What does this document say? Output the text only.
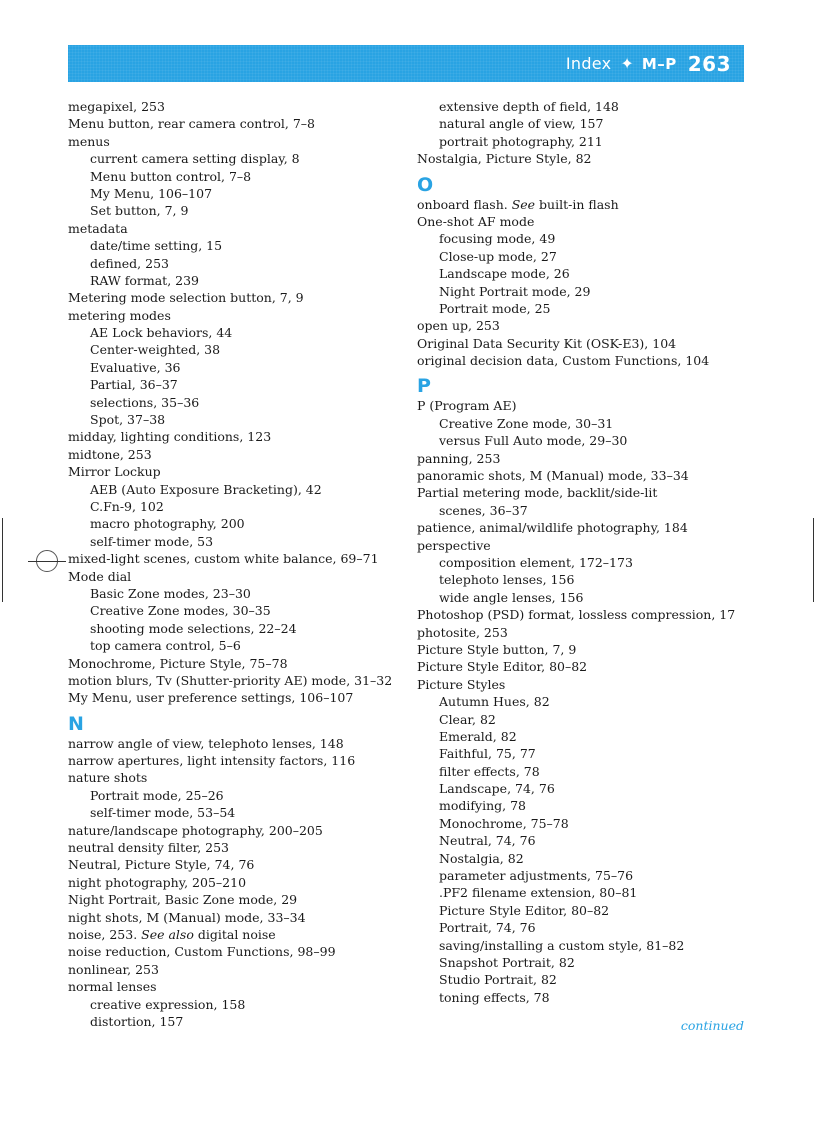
Index ✦ M–P 263
megapixel, 253
Menu button, rear camera control, 7–8
menus
current camera setting display, 8
Menu button control, 7–8
My Menu, 106–107
Set button, 7, 9
metadata
date/time setting, 15
defined, 253
RAW format, 239
Metering mode selection button, 7, 9
metering modes
AE Lock behaviors, 44
Center-weighted, 38
Evaluative, 36
Partial, 36–37
selections, 35–36
Spot, 37–38
midday, lighting conditions, 123
midtone, 253
Mirror Lockup
AEB (Auto Exposure Bracketing), 42
C.Fn-9, 102
macro photography, 200
self-timer mode, 53
mixed-light scenes, custom white balance, 69–71
Mode dial
Basic Zone modes, 23–30
Creative Zone modes, 30–35
shooting mode selections, 22–24
top camera control, 5–6
Monochrome, Picture Style, 75–78
motion blurs, Tv (Shutter-priority AE) mode, 31–32
My Menu, user preference settings, 106–107
N
narrow angle of view, telephoto lenses, 148
narrow apertures, light intensity factors, 116
nature shots
Portrait mode, 25–26
self-timer mode, 53–54
nature/landscape photography, 200–205
neutral density filter, 253
Neutral, Picture Style, 74, 76
night photography, 205–210
Night Portrait, Basic Zone mode, 29
night shots, M (Manual) mode, 33–34
noise, 253. See also digital noise
noise reduction, Custom Functions, 98–99
nonlinear, 253
normal lenses
creative expression, 158
distortion, 157
extensive depth of field, 148
natural angle of view, 157
portrait photography, 211
Nostalgia, Picture Style, 82
O
onboard flash. See built-in flash
One-shot AF mode
focusing mode, 49
Close-up mode, 27
Landscape mode, 26
Night Portrait mode, 29
Portrait mode, 25
open up, 253
Original Data Security Kit (OSK-E3), 104
original decision data, Custom Functions, 104
P
P (Program AE)
Creative Zone mode, 30–31
versus Full Auto mode, 29–30
panning, 253
panoramic shots, M (Manual) mode, 33–34
Partial metering mode, backlit/side-lit
scenes, 36–37
patience, animal/wildlife photography, 184
perspective
composition element, 172–173
telephoto lenses, 156
wide angle lenses, 156
Photoshop (PSD) format, lossless compression, 17
photosite, 253
Picture Style button, 7, 9
Picture Style Editor, 80–82
Picture Styles
Autumn Hues, 82
Clear, 82
Emerald, 82
Faithful, 75, 77
filter effects, 78
Landscape, 74, 76
modifying, 78
Monochrome, 75–78
Neutral, 74, 76
Nostalgia, 82
parameter adjustments, 75–76
.PF2 filename extension, 80–81
Picture Style Editor, 80–82
Portrait, 74, 76
saving/installing a custom style, 81–82
Snapshot Portrait, 82
Studio Portrait, 82
toning effects, 78
continued
